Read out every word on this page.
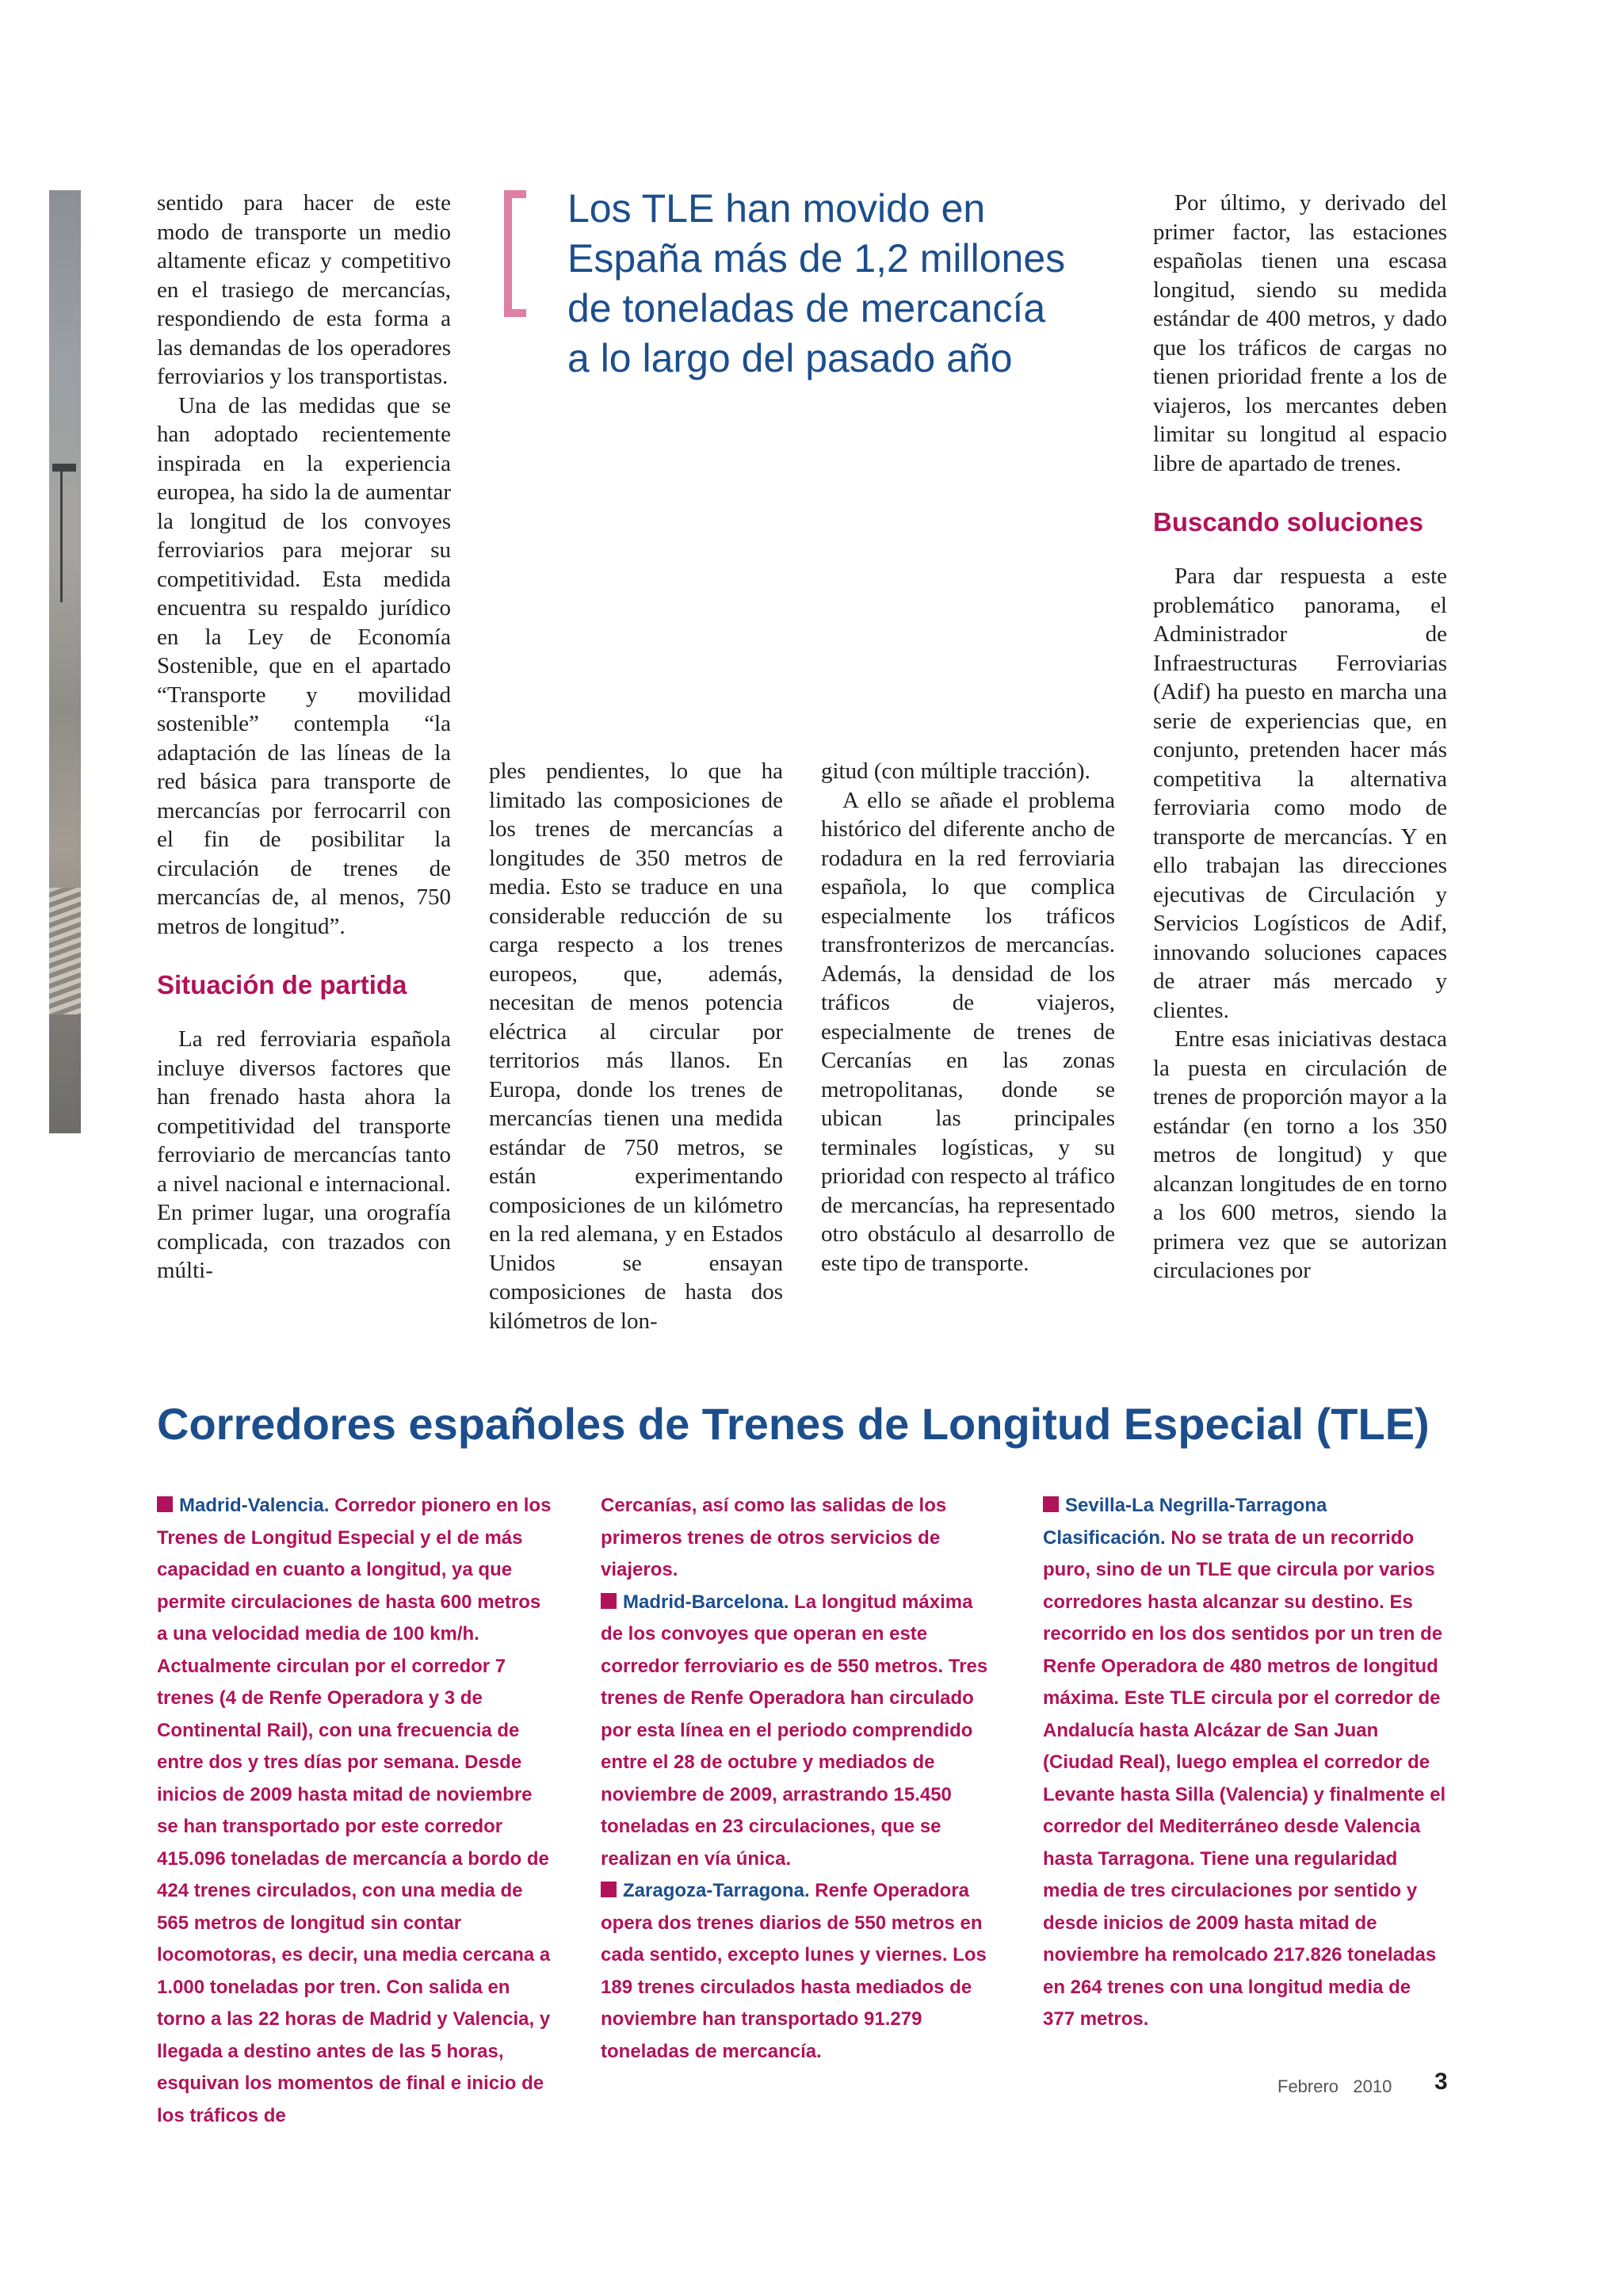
sentido para hacer de este modo de transporte un medio altamente eficaz y competitivo en el trasiego de mercancías, respondiendo de esta forma a las demandas de los operadores ferroviarios y los transportistas.

Una de las medidas que se han adoptado recientemente inspirada en la experiencia europea, ha sido la de aumentar la longitud de los convoyes ferroviarios para mejorar su competitividad. Esta medida encuentra su respaldo jurídico en la Ley de Economía Sostenible, que en el apartado “Transporte y movilidad sostenible” contempla “la adaptación de las líneas de la red básica para transporte de mercancías por ferrocarril con el fin de posibilitar la circulación de trenes de mercancías de, al menos, 750 metros de longitud”.

Situación de partida

La red ferroviaria española incluye diversos factores que han frenado hasta ahora la competitividad del transporte ferroviario de mercancías tanto a nivel nacional e internacional. En primer lugar, una orografía complicada, con trazados con múlti-

Los TLE han movido en España más de 1,2 millones de toneladas de mercancía a lo largo del pasado año

ples pendientes, lo que ha limitado las composiciones de los trenes de mercancías a longitudes de 350 metros de media. Esto se traduce en una considerable reducción de su carga respecto a los trenes europeos, que, además, necesitan de menos potencia eléctrica al circular por territorios más llanos. En Europa, donde los trenes de mercancías tienen una medida estándar de 750 metros, se están experimentando composiciones de un kilómetro en la red alemana, y en Estados Unidos se ensayan composiciones de hasta dos kilómetros de lon-

gitud (con múltiple tracción).

A ello se añade el problema histórico del diferente ancho de rodadura en la red ferroviaria española, lo que complica especialmente los tráficos transfronterizos de mercancías. Además, la densidad de los tráficos de viajeros, especialmente de trenes de Cercanías en las zonas metropolitanas, donde se ubican las principales terminales logísticas, y su prioridad con respecto al tráfico de mercancías, ha representado otro obstáculo al desarrollo de este tipo de transporte.

Por último, y derivado del primer factor, las estaciones españolas tienen una escasa longitud, siendo su medida estándar de 400 metros, y dado que los tráficos de cargas no tienen prioridad frente a los de viajeros, los mercantes deben limitar su longitud al espacio libre de apartado de trenes.

Buscando soluciones

Para dar respuesta a este problemático panorama, el Administrador de Infraestructuras Ferroviarias (Adif) ha puesto en marcha una serie de experiencias que, en conjunto, pretenden hacer más competitiva la alternativa ferroviaria como modo de transporte de mercancías. Y en ello trabajan las direcciones ejecutivas de Circulación y Servicios Logísticos de Adif, innovando soluciones capaces de atraer más mercado y clientes.

Entre esas iniciativas destaca la puesta en circulación de trenes de proporción mayor a la estándar (en torno a los 350 metros de longitud) y que alcanzan longitudes de en torno a los 600 metros, siendo la primera vez que se autorizan circulaciones por

Corredores españoles de Trenes de Longitud Especial (TLE)

Madrid-Valencia. Corredor pionero en los Trenes de Longitud Especial y el de más capacidad en cuanto a longitud, ya que permite circulaciones de hasta 600 metros a una velocidad media de 100 km/h. Actualmente circulan por el corredor 7 trenes (4 de Renfe Operadora y 3 de Continental Rail), con una frecuencia de entre dos y tres días por semana. Desde inicios de 2009 hasta mitad de noviembre se han transportado por este corredor 415.096 toneladas de mercancía a bordo de 424 trenes circulados, con una media de 565 metros de longitud sin contar locomotoras, es decir, una media cercana a 1.000 toneladas por tren. Con salida en torno a las 22 horas de Madrid y Valencia, y llegada a destino antes de las 5 horas, esquivan los momentos de final e inicio de los tráficos de

Cercanías, así como las salidas de los primeros trenes de otros servicios de viajeros.

Madrid-Barcelona. La longitud máxima de los convoyes que operan en este corredor ferroviario es de 550 metros. Tres trenes de Renfe Operadora han circulado por esta línea en el periodo comprendido entre el 28 de octubre y mediados de noviembre de 2009, arrastrando 15.450 toneladas en 23 circulaciones, que se realizan en vía única.

Zaragoza-Tarragona. Renfe Operadora opera dos trenes diarios de 550 metros en cada sentido, excepto lunes y viernes. Los 189 trenes circulados hasta mediados de noviembre han transportado 91.279 toneladas de mercancía.

Sevilla-La Negrilla-Tarragona Clasificación. No se trata de un recorrido puro, sino de un TLE que circula por varios corredores hasta alcanzar su destino. Es recorrido en los dos sentidos por un tren de Renfe Operadora de 480 metros de longitud máxima. Este TLE circula por el corredor de Andalucía hasta Alcázar de San Juan (Ciudad Real), luego emplea el corredor de Levante hasta Silla (Valencia) y finalmente el corredor del Mediterráneo desde Valencia hasta Tarragona. Tiene una regularidad media de tres circulaciones por sentido y desde inicios de 2009 hasta mitad de noviembre ha remolcado 217.826 toneladas en 264 trenes con una longitud media de 377 metros.

Febrero   2010 3
